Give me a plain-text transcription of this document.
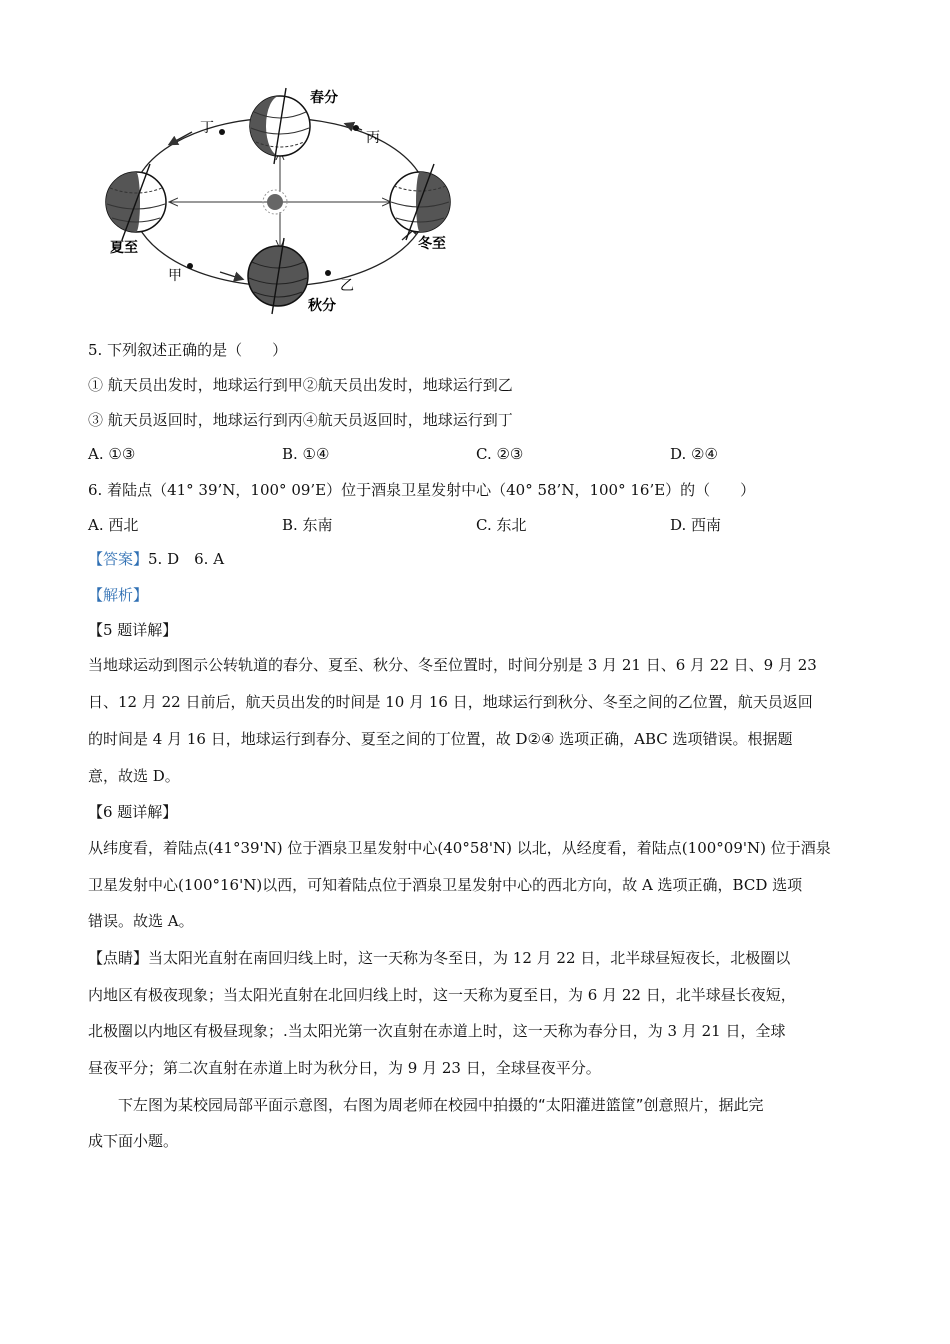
春分
夏至
秋分
冬至
甲
乙
丙
丁
5. 下列叙述正确的是（　　）
① 航天员出发时，地球运行到甲②航天员出发时，地球运行到乙
③ 航天员返回时，地球运行到丙④航天员返回时，地球运行到丁
A. ①③	B. ①④	C. ②③	D. ②④
6. 着陆点（41° 39’N，100° 09’E）位于酒泉卫星发射中心（40° 58’N，100° 16’E）的（　　）
A. 西北	B. 东南	C. 东北	D. 西南
【答案】5. D　6. A
【解析】
【5 题详解】
当地球运动到图示公转轨道的春分、夏至、秋分、冬至位置时，时间分别是 3 月 21 日、6 月 22 日、9 月 23
日、12 月 22 日前后，航天员出发的时间是 10 月 16 日，地球运行到秋分、冬至之间的乙位置，航天员返回
的时间是 4 月 16 日，地球运行到春分、夏至之间的丁位置，故 D②④ 选项正确，ABC 选项错误。根据题
意，故选 D。
【6 题详解】
从纬度看，着陆点(41°39'N) 位于酒泉卫星发射中心(40°58'N) 以北，从经度看，着陆点(100°09'N) 位于酒泉
卫星发射中心(100°16'N)以西，可知着陆点位于酒泉卫星发射中心的西北方向，故 A 选项正确，BCD 选项
错误。故选 A。
【点睛】当太阳光直射在南回归线上时，这一天称为冬至日，为 12 月 22 日，北半球昼短夜长，北极圈以
内地区有极夜现象；当太阳光直射在北回归线上时，这一天称为夏至日，为 6 月 22 日，北半球昼长夜短，
北极圈以内地区有极昼现象；.当太阳光第一次直射在赤道上时，这一天称为春分日，为 3 月 21 日，全球
昼夜平分；第二次直射在赤道上时为秋分日，为 9 月 23 日，全球昼夜平分。
下左图为某校园局部平面示意图，右图为周老师在校园中拍摄的“太阳灌进篮筐”创意照片，据此完
成下面小题。
